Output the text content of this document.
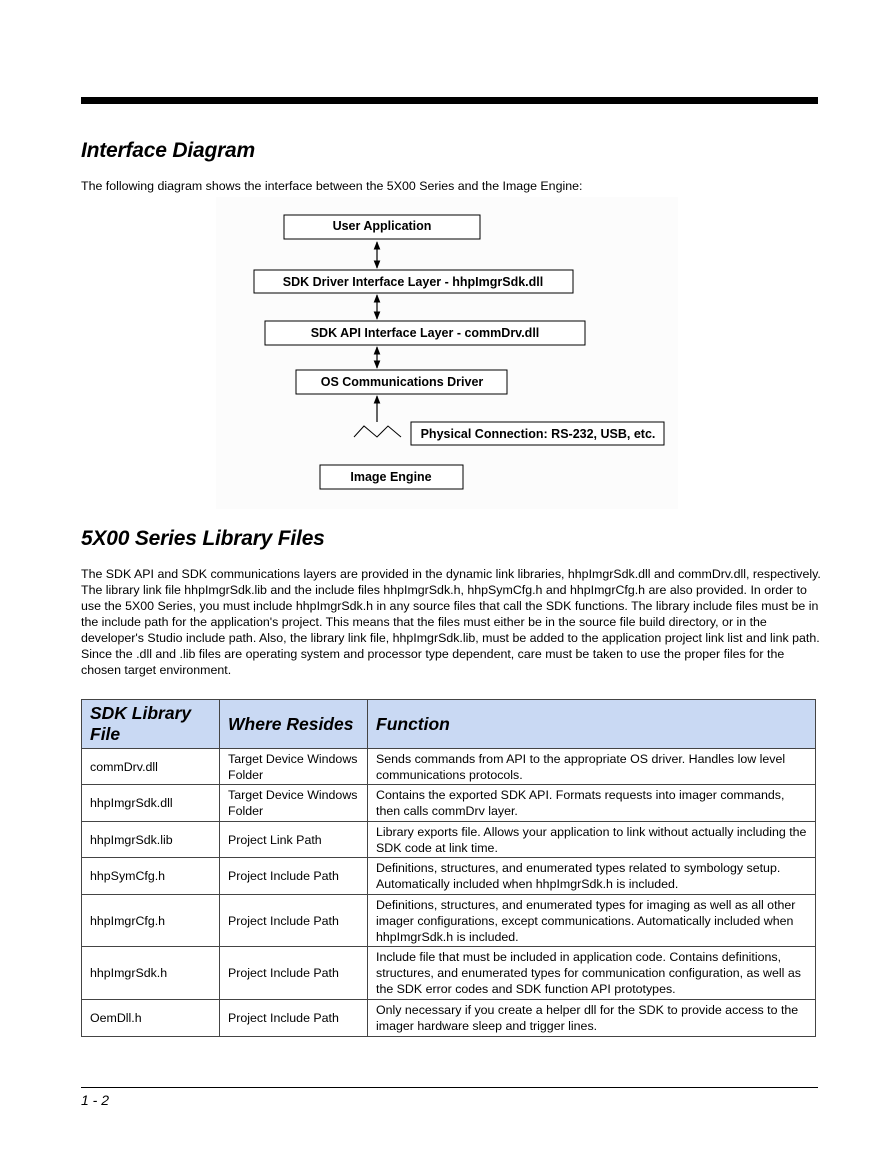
Interface Diagram

The following diagram shows the interface between the 5X00 Series and the Image Engine:

User Application
SDK Driver Interface Layer - hhpImgrSdk.dll
SDK API Interface Layer - commDrv.dll
OS Communications Driver
Physical Connection: RS-232, USB, etc.
Image Engine
5X00 Series Library Files

The SDK API and SDK communications layers are provided in the dynamic link libraries, hhpImgrSdk.dll and commDrv.dll, respectively. The library link file hhpImgrSdk.lib and the include files hhpImgrSdk.h, hhpSymCfg.h and hhpImgrCfg.h are also provided. In order to use the 5X00 Series, you must include hhpImgrSdk.h in any source files that call the SDK functions. The library include files must be in the include path for the application's project. This means that the files must either be in the source file build directory, or in the developer's Studio include path. Also, the library link file, hhpImgrSdk.lib, must be added to the application project link list and link path. Since the .dll and .lib files are operating system and processor type dependent, care must be taken to use the proper files for the chosen target environment.

SDK Library File	Where Resides	Function
commDrv.dll	Target Device Windows Folder	Sends commands from API to the appropriate OS driver. Handles low level communications protocols.
hhpImgrSdk.dll	Target Device Windows Folder	Contains the exported SDK API. Formats requests into imager commands, then calls commDrv layer.
hhpImgrSdk.lib	Project Link Path	Library exports file. Allows your application to link without actually including the SDK code at link time.
hhpSymCfg.h	Project Include Path	Definitions, structures, and enumerated types related to symbology setup. Automatically included when hhpImgrSdk.h is included.
hhpImgrCfg.h	Project Include Path	Definitions, structures, and enumerated types for imaging as well as all other imager configurations, except communications. Automatically included when hhpImgrSdk.h is included.
hhpImgrSdk.h	Project Include Path	Include file that must be included in application code. Contains definitions, structures, and enumerated types for communication configuration, as well as the SDK error codes and SDK function API prototypes.
OemDll.h	Project Include Path	Only necessary if you create a helper dll for the SDK to provide access to the imager hardware sleep and trigger lines.
1 - 2
